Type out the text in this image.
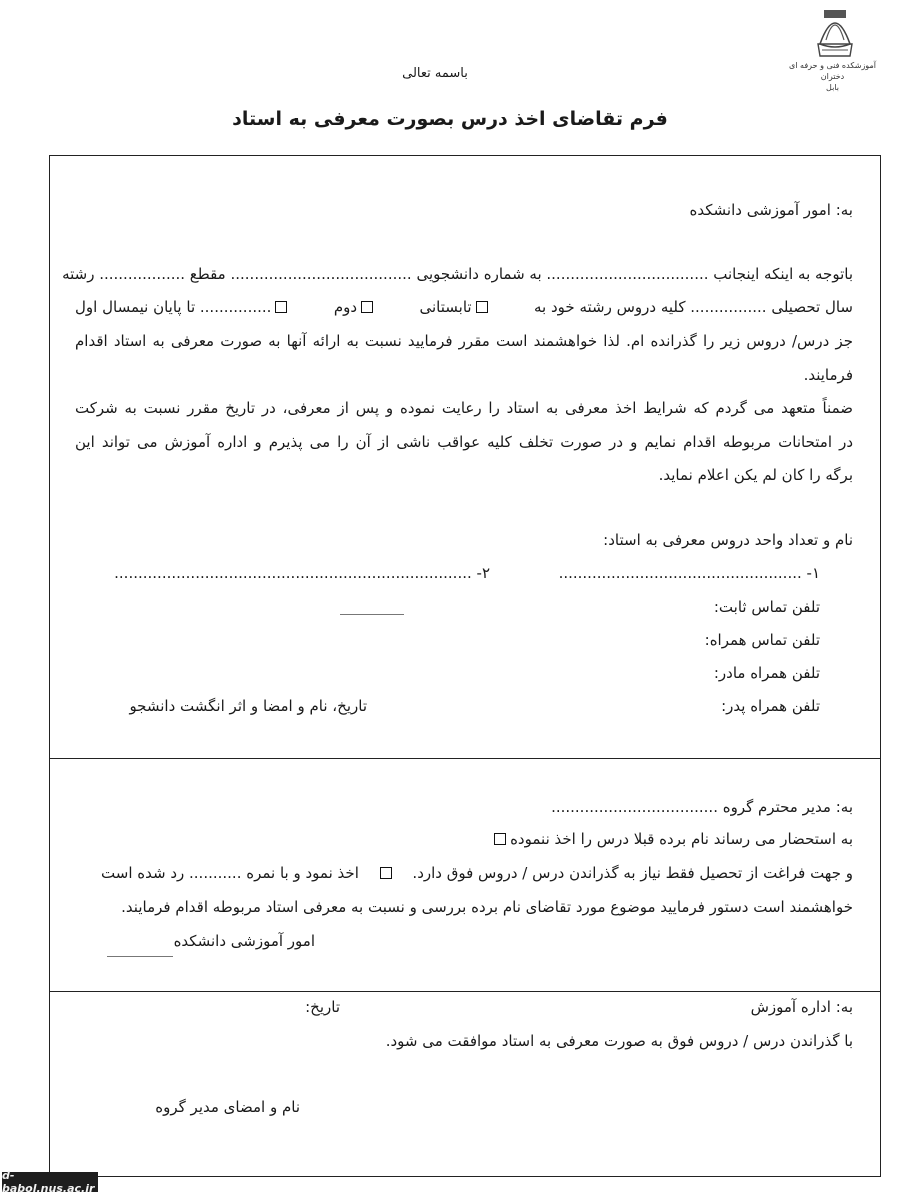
آموزشکده فنی و حرفه ای دختران
بابل
باسمه تعالی
فرم تقاضای اخذ درس بصورت معرفی به استاد
به: امور آموزشی دانشکده
باتوجه به اینکه اینجانب .................................. به شماره دانشجویی ...................................... مقطع .................. رشته
سال تحصیلی ................ کلیه دروس رشته خود به
تابستانی
دوم
............... تا پایان نیمسال اول
جز درس/ دروس زیر را گذرانده ام. لذا خواهشمند است مقرر فرمایید نسبت به ارائه آنها به صورت معرفی به استاد اقدام
فرمایند.
ضمناً متعهد می گردم که شرایط اخذ معرفی به استاد را رعایت نموده و پس از معرفی، در تاریخ مقرر نسبت به شرکت
در امتحانات مربوطه اقدام نمایم و در صورت تخلف کلیه عواقب ناشی از آن را می پذیرم و اداره آموزش می تواند این
برگه را کان لم یکن اعلام نماید.
نام و تعداد واحد دروس معرفی به استاد:
۱- ...................................................
۲- ...........................................................................
تلفن تماس ثابت:
تلفن تماس همراه:
تلفن همراه مادر:
تلفن همراه پدر:
تاریخ، نام و امضا و اثر انگشت دانشجو
به: مدیر محترم گروه ...................................
به استحضار می رساند نام برده قبلا درس را اخذ ننموده
و جهت فراغت از تحصیل فقط نیاز به گذراندن درس / دروس فوق دارد.  اخذ نمود و با نمره ........... رد شده است
خواهشمند است دستور فرمایید موضوع مورد تقاضای نام برده بررسی و نسبت به معرفی استاد مربوطه اقدام فرمایند.
امور آموزشی دانشکده
به: اداره آموزش
تاریخ:
با گذراندن درس / دروس فوق به صورت معرفی به استاد موافقت می شود.
نام و امضای مدیر گروه
d-babol.nus.ac.ir
